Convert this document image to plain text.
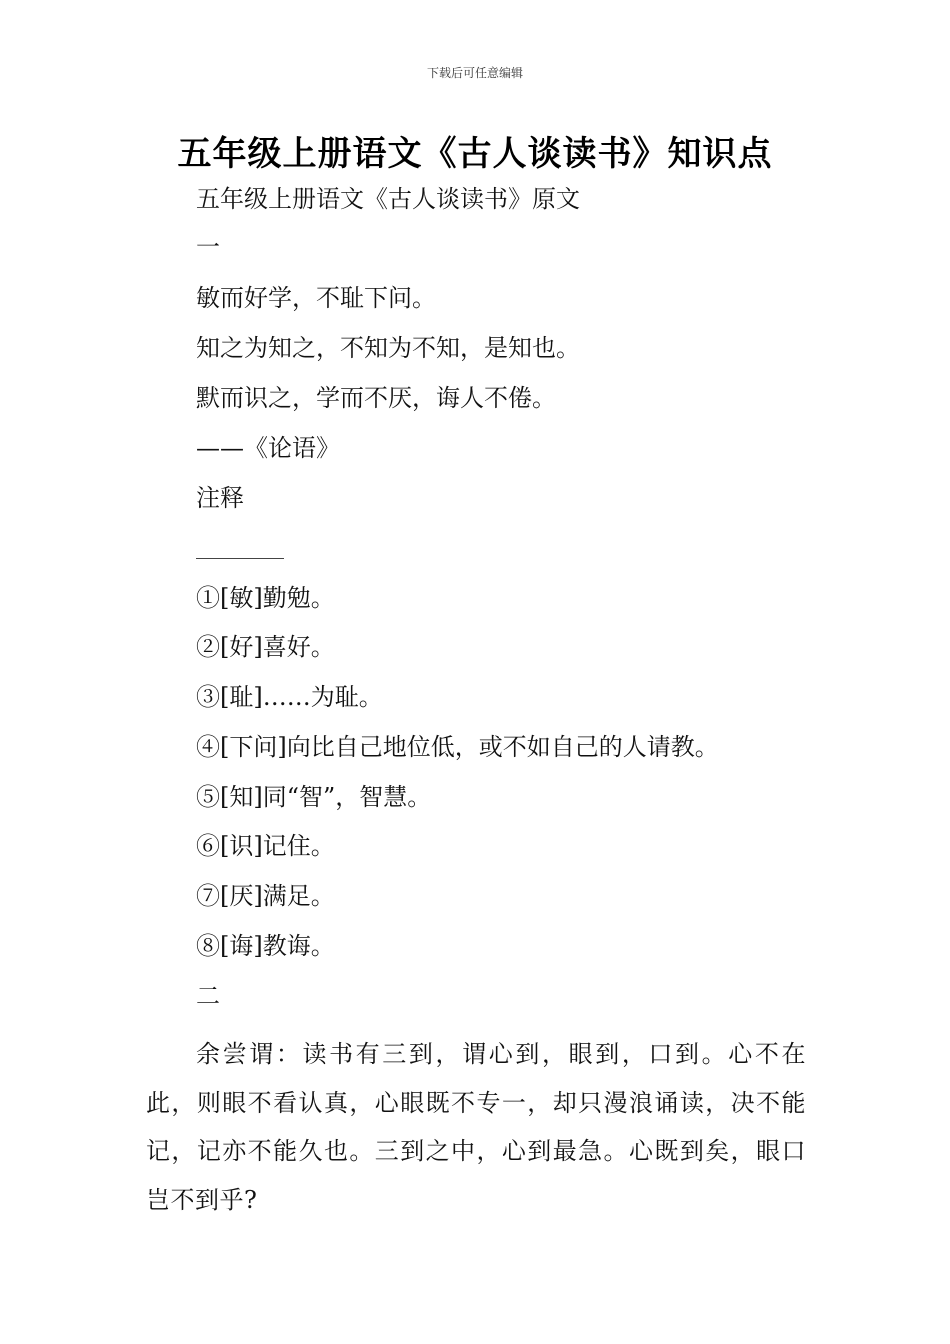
下载后可任意编辑
五年级上册语文《古人谈读书》知识点
五年级上册语文《古人谈读书》原文
一
敏而好学，不耻下问。
知之为知之，不知为不知，是知也。
默而识之，学而不厌，诲人不倦。
——《论语》
注释
①[敏]勤勉。
②[好]喜好。
③[耻]……为耻。
④[下问]向比自己地位低，或不如自己的人请教。
⑤[知]同“智”，智慧。
⑥[识]记住。
⑦[厌]满足。
⑧[诲]教诲。
二
余尝谓：读书有三到，谓心到，眼到，口到。心不在此，则眼不看认真，心眼既不专一，却只漫浪诵读，决不能记，记亦不能久也。三到之中，心到最急。心既到矣，眼口岂不到乎?
